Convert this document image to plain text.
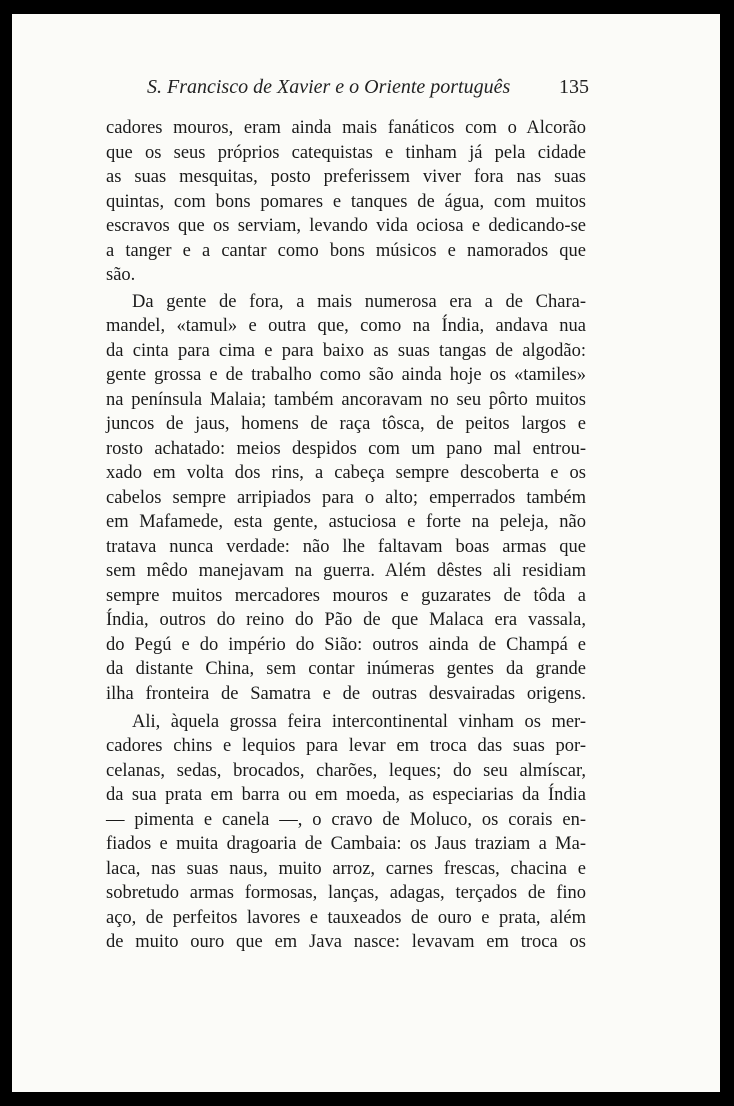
S. Francisco de Xavier e o Oriente português 135
cadores mouros, eram ainda mais fanáticos com o Alcorão
que os seus próprios catequistas e tinham já pela cidade
as suas mesquitas, posto preferissem viver fora nas suas
quintas, com bons pomares e tanques de água, com muitos
escravos que os serviam, levando vida ociosa e dedicando-se
a tanger e a cantar como bons músicos e namorados que
são.
Da gente de fora, a mais numerosa era a de Chara-
mandel, «tamul» e outra que, como na Índia, andava nua
da cinta para cima e para baixo as suas tangas de algodão:
gente grossa e de trabalho como são ainda hoje os «tamiles»
na península Malaia; também ancoravam no seu pôrto muitos
juncos de jaus, homens de raça tôsca, de peitos largos e
rosto achatado: meios despidos com um pano mal entrou-
xado em volta dos rins, a cabeça sempre descoberta e os
cabelos sempre arripiados para o alto; emperrados também
em Mafamede, esta gente, astuciosa e forte na peleja, não
tratava nunca verdade: não lhe faltavam boas armas que
sem mêdo manejavam na guerra. Além dêstes ali residiam
sempre muitos mercadores mouros e guzarates de tôda a
Índia, outros do reino do Pão de que Malaca era vassala,
do Pegú e do império do Sião: outros ainda de Champá e
da distante China, sem contar inúmeras gentes da grande
ilha fronteira de Samatra e de outras desvairadas origens.
Ali, àquela grossa feira intercontinental vinham os mer-
cadores chins e lequios para levar em troca das suas por-
celanas, sedas, brocados, charões, leques; do seu almíscar,
da sua prata em barra ou em moeda, as especiarias da Índia
— pimenta e canela —, o cravo de Moluco, os corais en-
fiados e muita dragoaria de Cambaia: os Jaus traziam a Ma-
laca, nas suas naus, muito arroz, carnes frescas, chacina e
sobretudo armas formosas, lanças, adagas, terçados de fino
aço, de perfeitos lavores e tauxeados de ouro e prata, além
de muito ouro que em Java nasce: levavam em troca os
